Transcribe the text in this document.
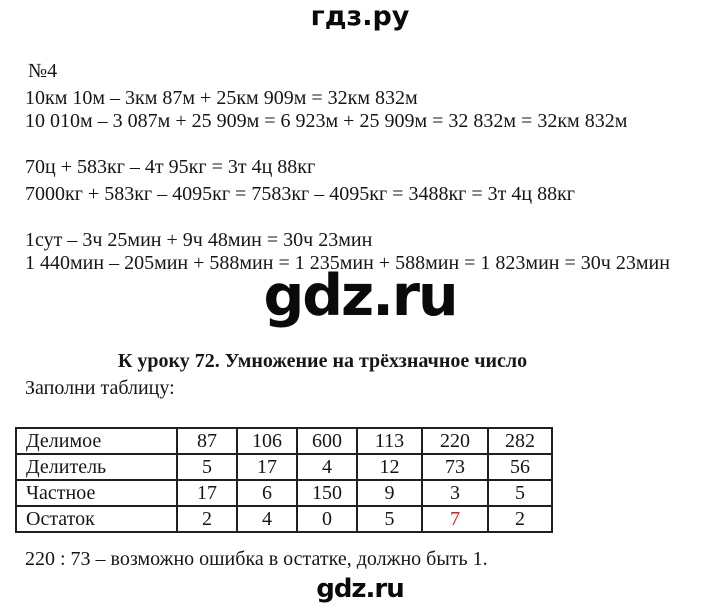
гдз.ру
№4
10км 10м – 3км 87м + 25км 909м = 32км 832м
10 010м – 3 087м + 25 909м = 6 923м + 25 909м = 32 832м = 32км 832м
70ц + 583кг – 4т 95кг = 3т 4ц 88кг
7000кг + 583кг – 4095кг = 7583кг – 4095кг = 3488кг = 3т 4ц 88кг
1сут – 3ч 25мин + 9ч 48мин = 30ч 23мин
1 440мин – 205мин + 588мин = 1 235мин + 588мин = 1 823мин = 30ч 23мин
gdz.ru
К уроку 72. Умножение на трёхзначное число
Заполни таблицу:
Делимое	87	106	600	113	220	282
Делитель	5	17	4	12	73	56
Частное	17	6	150	9	3	5
Остаток	2	4	0	5	7	2
220 : 73 – возможно ошибка в остатке, должно быть 1.
gdz.ru
